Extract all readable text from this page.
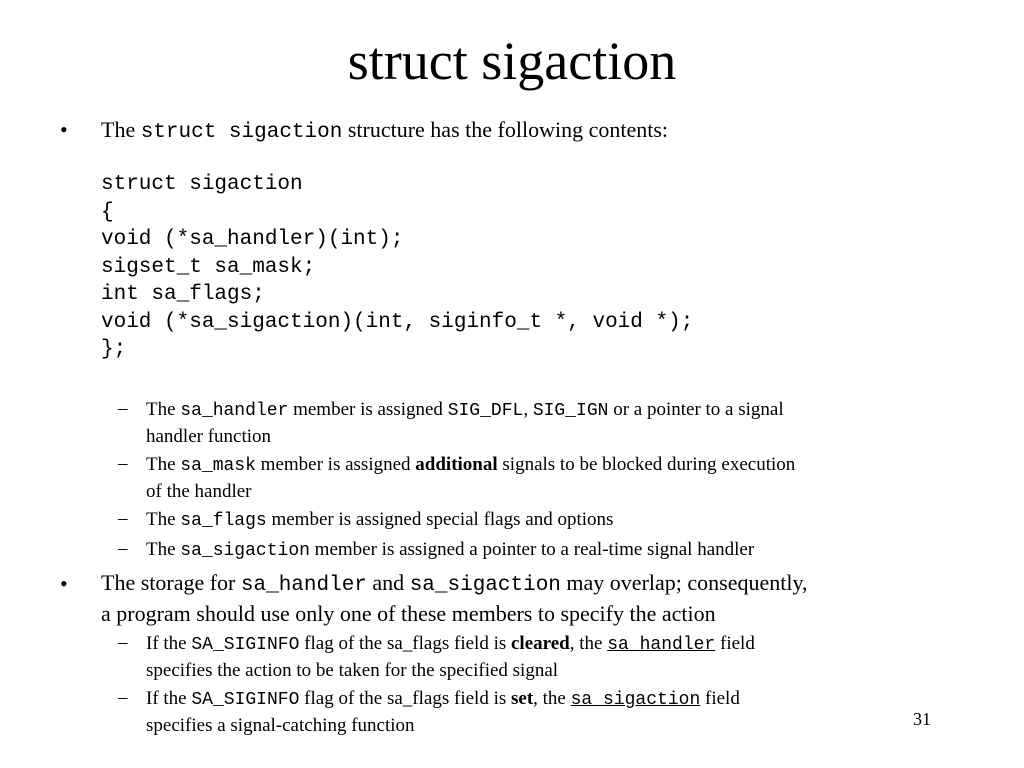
struct sigaction
• The struct sigaction structure has the following contents:
struct sigaction
{
void (*sa_handler)(int);
sigset_t sa_mask;
int sa_flags;
void (*sa_sigaction)(int, siginfo_t *, void *);
};
– The sa_handler member is assigned SIG_DFL, SIG_IGN or a pointer to a signal
handler function
– The sa_mask member is assigned additional signals to be blocked during execution
of the handler
– The sa_flags member is assigned special flags and options
– The sa_sigaction member is assigned a pointer to a real-time signal handler
• The storage for sa_handler and sa_sigaction may overlap; consequently,
a program should use only one of these members to specify the action
– If the SA_SIGINFO flag of the sa_flags field is cleared, the sa_handler field
specifies the action to be taken for the specified signal
– If the SA_SIGINFO flag of the sa_flags field is set, the sa_sigaction field
specifies a signal-catching function	31
